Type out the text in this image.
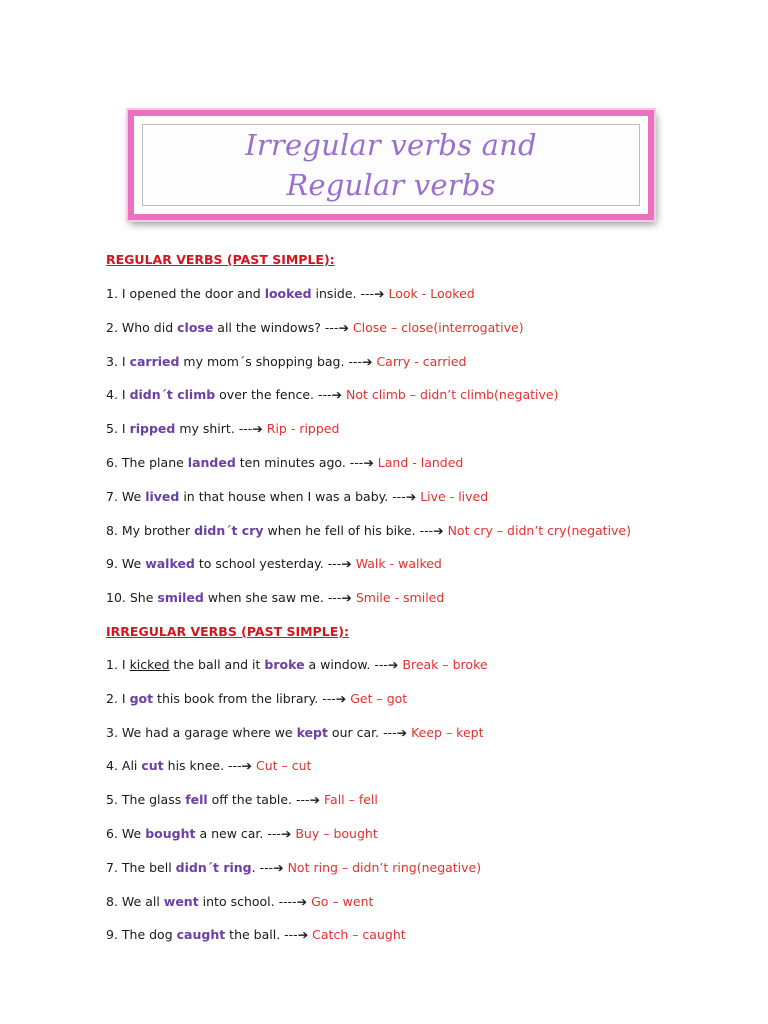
Irregular verbs and
Regular verbs
REGULAR VERBS (PAST SIMPLE):
1. I opened the door and looked inside. ---➔ Look - Looked
2. Who did close all the windows? ---➔ Close – close(interrogative)
3. I carried my mom´s shopping bag. ---➔ Carry - carried
4. I didn´t climb over the fence. ---➔ Not climb – didn’t climb(negative)
5. I ripped my shirt. ---➔ Rip - ripped
6. The plane landed ten minutes ago. ---➔ Land - landed
7. We lived in that house when I was a baby. ---➔ Live - lived
8. My brother didn´t cry when he fell of his bike. ---➔ Not cry – didn’t cry(negative)
9. We walked to school yesterday. ---➔ Walk - walked
10. She smiled when she saw me. ---➔ Smile - smiled
IRREGULAR VERBS (PAST SIMPLE):
1. I kicked the ball and it broke a window. ---➔ Break – broke
2. I got this book from the library. ---➔ Get – got
3. We had a garage where we kept our car. ---➔ Keep – kept
4. Ali cut his knee. ---➔ Cut – cut
5. The glass fell off the table. ---➔ Fall – fell
6. We bought a new car. ---➔ Buy – bought
7. The bell didn´t ring. ---➔ Not ring – didn’t ring(negative)
8. We all went into school. ----➔ Go – went
9. The dog caught the ball. ---➔ Catch – caught
